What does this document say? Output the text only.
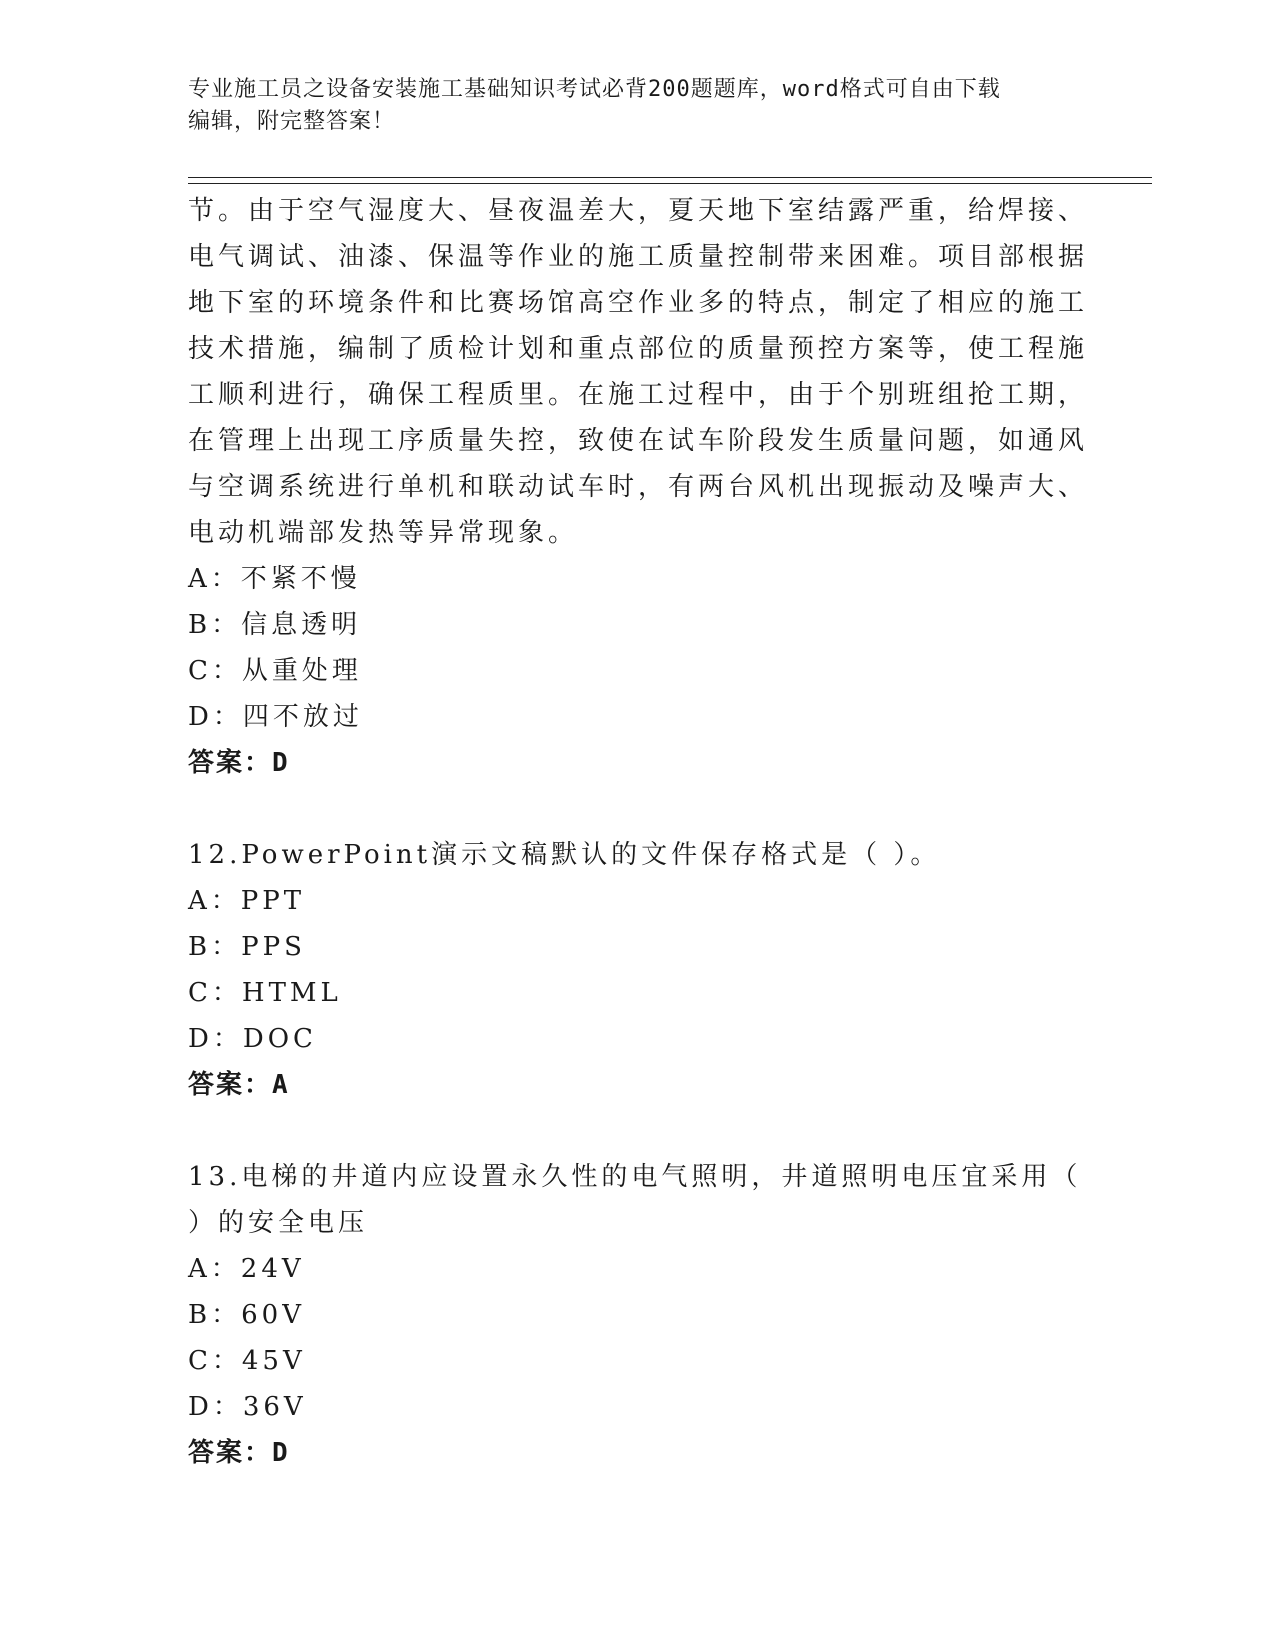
专业施工员之设备安装施工基础知识考试必背200题题库，word格式可自由下载
编辑，附完整答案！

节。由于空气湿度大、昼夜温差大，夏天地下室结露严重，给焊接、

电气调试、油漆、保温等作业的施工质量控制带来困难。项目部根据

地下室的环境条件和比赛场馆高空作业多的特点，制定了相应的施工

技术措施，编制了质检计划和重点部位的质量预控方案等，使工程施

工顺利进行，确保工程质里。在施工过程中，由于个别班组抢工期，

在管理上出现工序质量失控，致使在试车阶段发生质量问题，如通风

与空调系统进行单机和联动试车时，有两台风机出现振动及噪声大、

电动机端部发热等异常现象。

A：不紧不慢

B：信息透明

C：从重处理

D：四不放过

答案：D

12.PowerPoint演示文稿默认的文件保存格式是（ ）。

A：PPT

B：PPS

C：HTML

D：DOC

答案：A

13.电梯的井道内应设置永久性的电气照明，井道照明电压宜采用（

）的安全电压

A：24V

B：60V

C：45V

D：36V

答案：D
